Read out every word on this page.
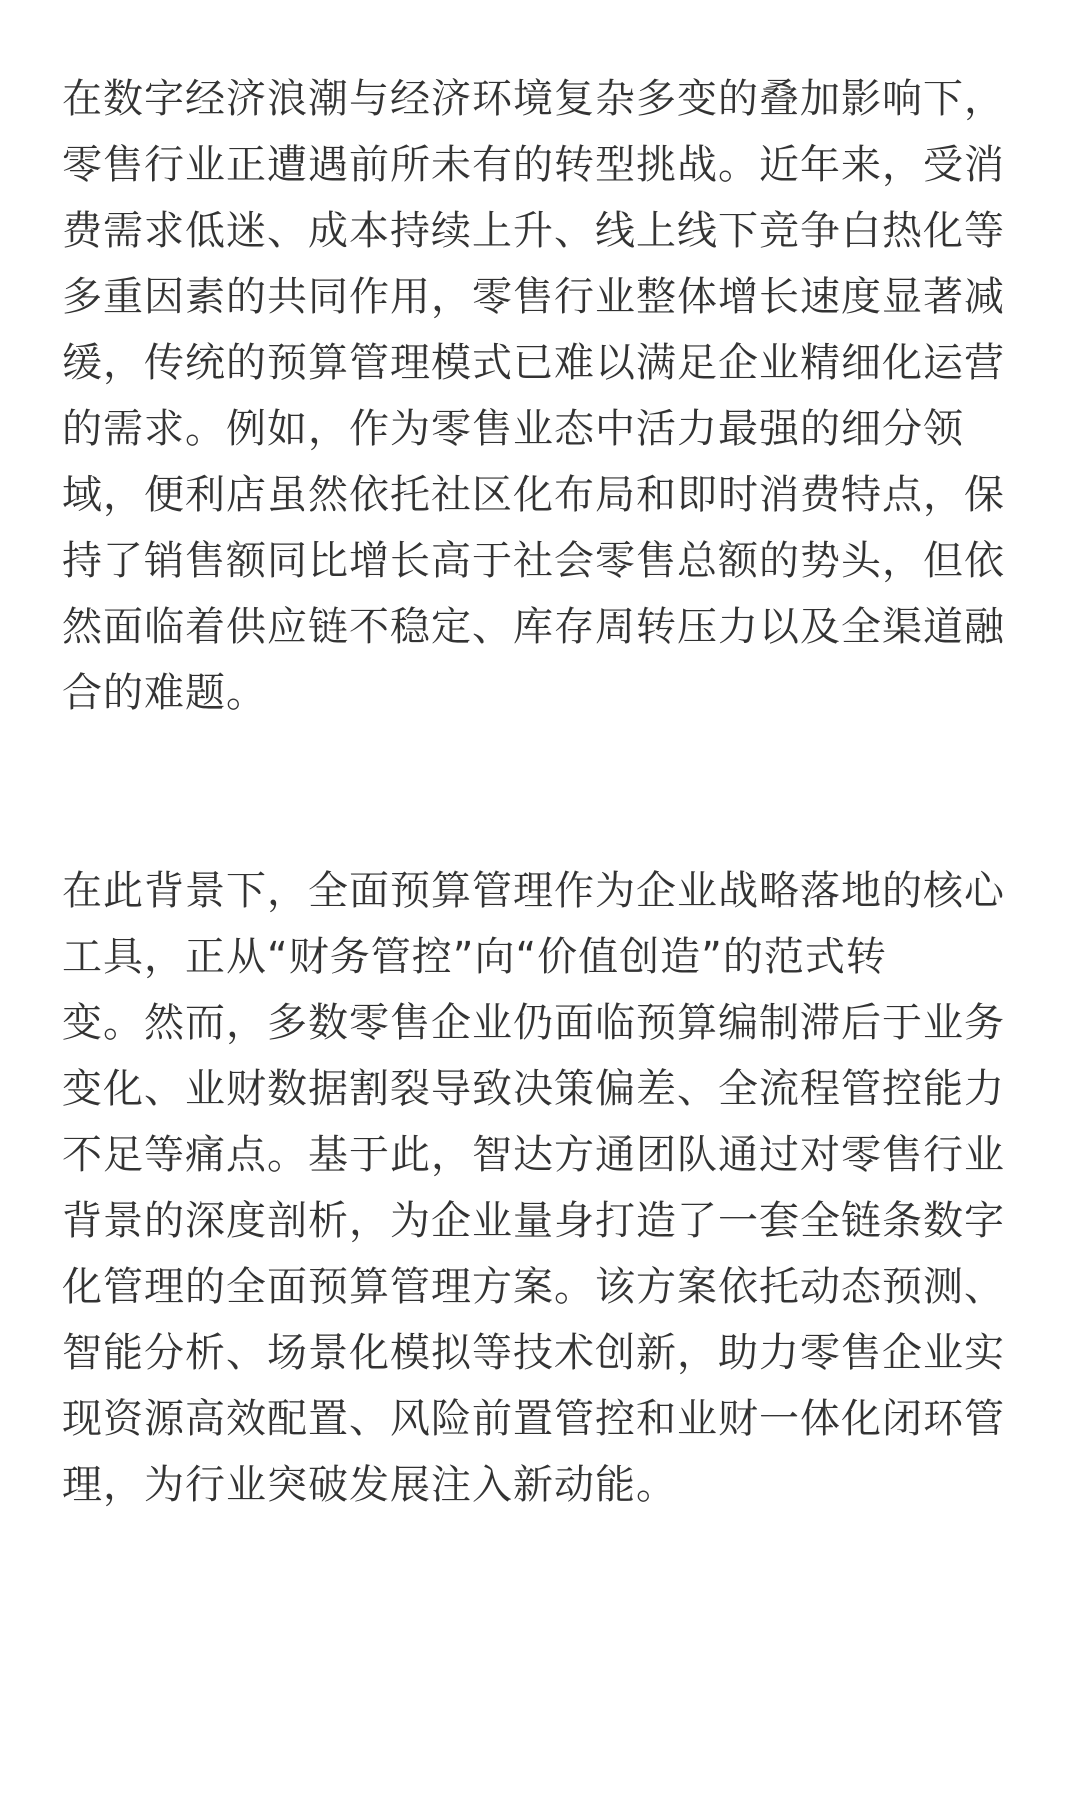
在数字经济浪潮与经济环境复杂多变的叠加影响下，
零售行业正遭遇前所未有的转型挑战。近年来，受消
费需求低迷、成本持续上升、线上线下竞争白热化等
多重因素的共同作用，零售行业整体增长速度显著减
缓，传统的预算管理模式已难以满足企业精细化运营
的需求。例如，作为零售业态中活力最强的细分领
域，便利店虽然依托社区化布局和即时消费特点，保
持了销售额同比增长高于社会零售总额的势头，但依
然面临着供应链不稳定、库存周转压力以及全渠道融
合的难题。
在此背景下，全面预算管理作为企业战略落地的核心
工具，正从“财务管控”向“价值创造”的范式转
变。然而，多数零售企业仍面临预算编制滞后于业务
变化、业财数据割裂导致决策偏差、全流程管控能力
不足等痛点。基于此，智达方通团队通过对零售行业
背景的深度剖析，为企业量身打造了一套全链条数字
化管理的全面预算管理方案。该方案依托动态预测、
智能分析、场景化模拟等技术创新，助力零售企业实
现资源高效配置、风险前置管控和业财一体化闭环管
理，为行业突破发展注入新动能。
